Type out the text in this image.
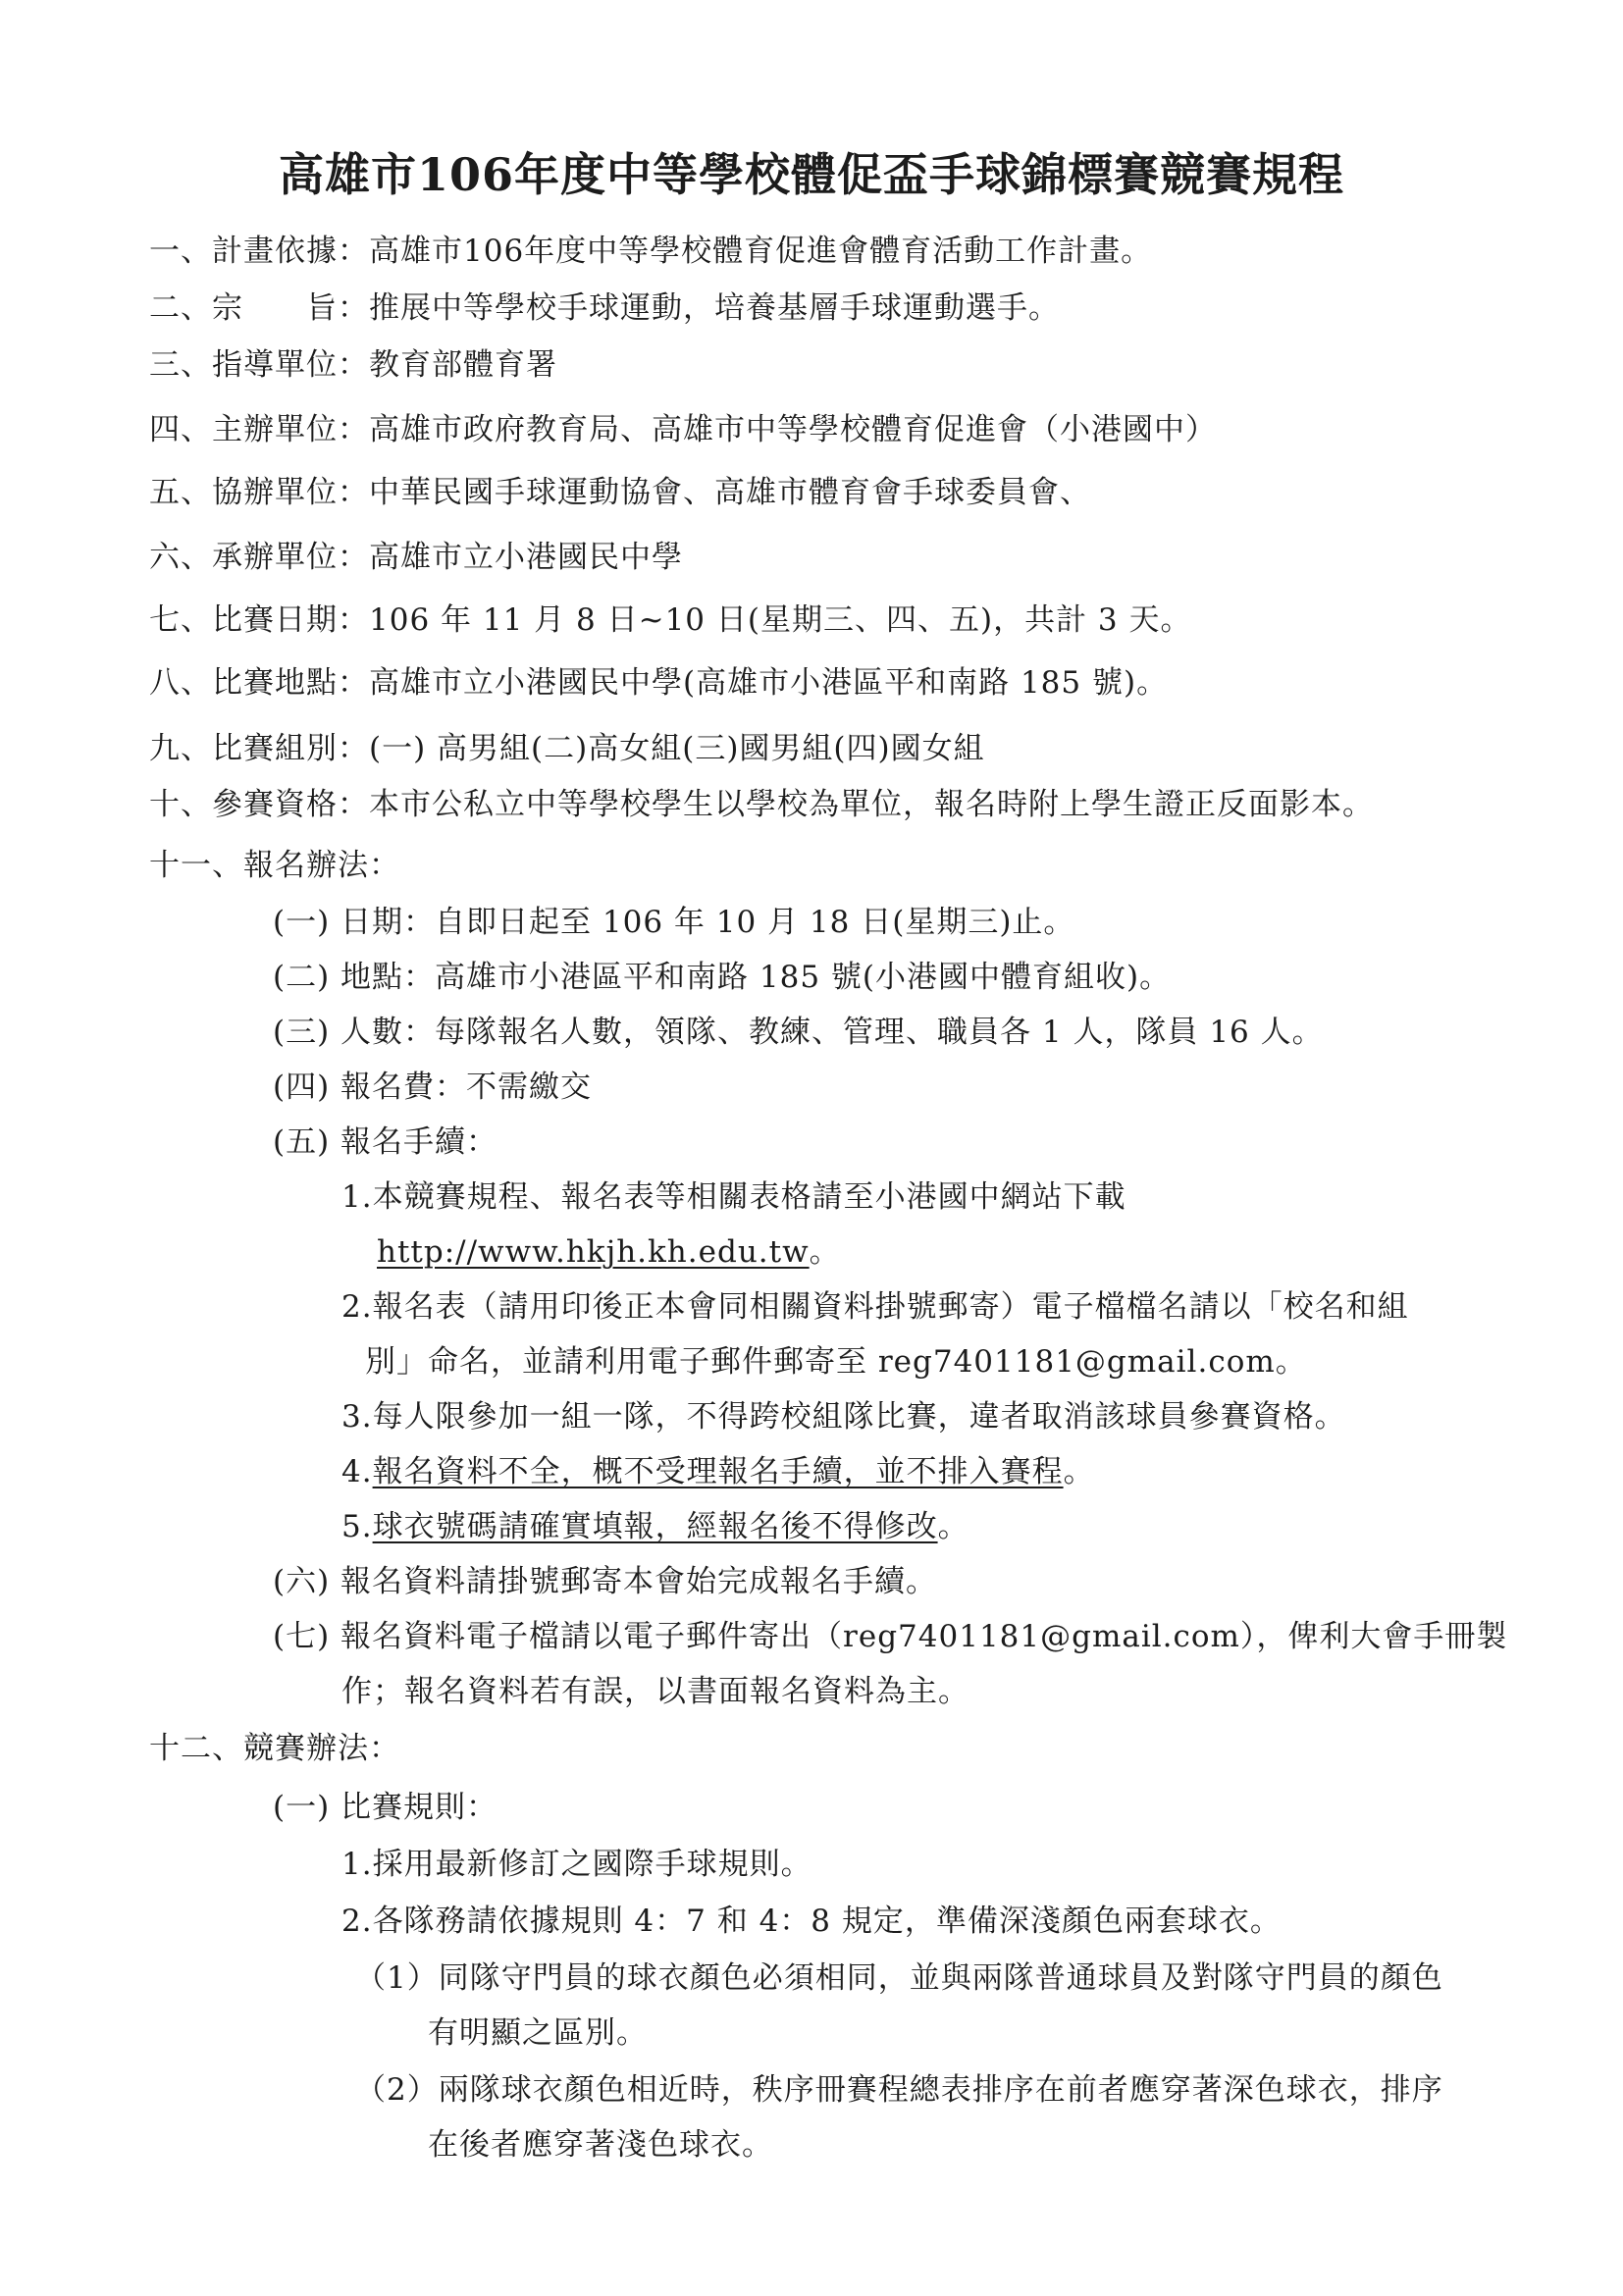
高雄市106年度中等學校體促盃手球錦標賽競賽規程
一、計畫依據：高雄市106年度中等學校體育促進會體育活動工作計畫。
二、宗　　旨：推展中等學校手球運動，培養基層手球運動選手。
三、指導單位：教育部體育署
四、主辦單位：高雄市政府教育局、高雄市中等學校體育促進會（小港國中）
五、協辦單位：中華民國手球運動協會、高雄市體育會手球委員會、
六、承辦單位：高雄市立小港國民中學
七、比賽日期：106 年 11 月 8 日~10 日(星期三、四、五)，共計 3 天。
八、比賽地點：高雄市立小港國民中學(高雄市小港區平和南路 185 號)。
九、比賽組別：(一) 高男組(二)高女組(三)國男組(四)國女組
十、參賽資格：本市公私立中等學校學生以學校為單位，報名時附上學生證正反面影本。
十一、報名辦法：
(一) 日期：自即日起至 106 年 10 月 18 日(星期三)止。
(二) 地點：高雄市小港區平和南路 185 號(小港國中體育組收)。
(三) 人數：每隊報名人數，領隊、教練、管理、職員各 1 人，隊員 16 人。
(四) 報名費：不需繳交
(五) 報名手續：
1.本競賽規程、報名表等相關表格請至小港國中網站下載
http://www.hkjh.kh.edu.tw。
2.報名表（請用印後正本會同相關資料掛號郵寄）電子檔檔名請以「校名和組
別」命名，並請利用電子郵件郵寄至 reg7401181@gmail.com。
3.每人限參加一組一隊，不得跨校組隊比賽，違者取消該球員參賽資格。
4.報名資料不全，概不受理報名手續，並不排入賽程。
5.球衣號碼請確實填報，經報名後不得修改。
(六) 報名資料請掛號郵寄本會始完成報名手續。
(七) 報名資料電子檔請以電子郵件寄出（reg7401181@gmail.com），俾利大會手冊製
作；報名資料若有誤，以書面報名資料為主。
十二、競賽辦法：
(一) 比賽規則：
1.採用最新修訂之國際手球規則。
2.各隊務請依據規則 4：7 和 4：8 規定，準備深淺顏色兩套球衣。
（1）同隊守門員的球衣顏色必須相同，並與兩隊普通球員及對隊守門員的顏色
有明顯之區別。
（2）兩隊球衣顏色相近時，秩序冊賽程總表排序在前者應穿著深色球衣，排序
在後者應穿著淺色球衣。
